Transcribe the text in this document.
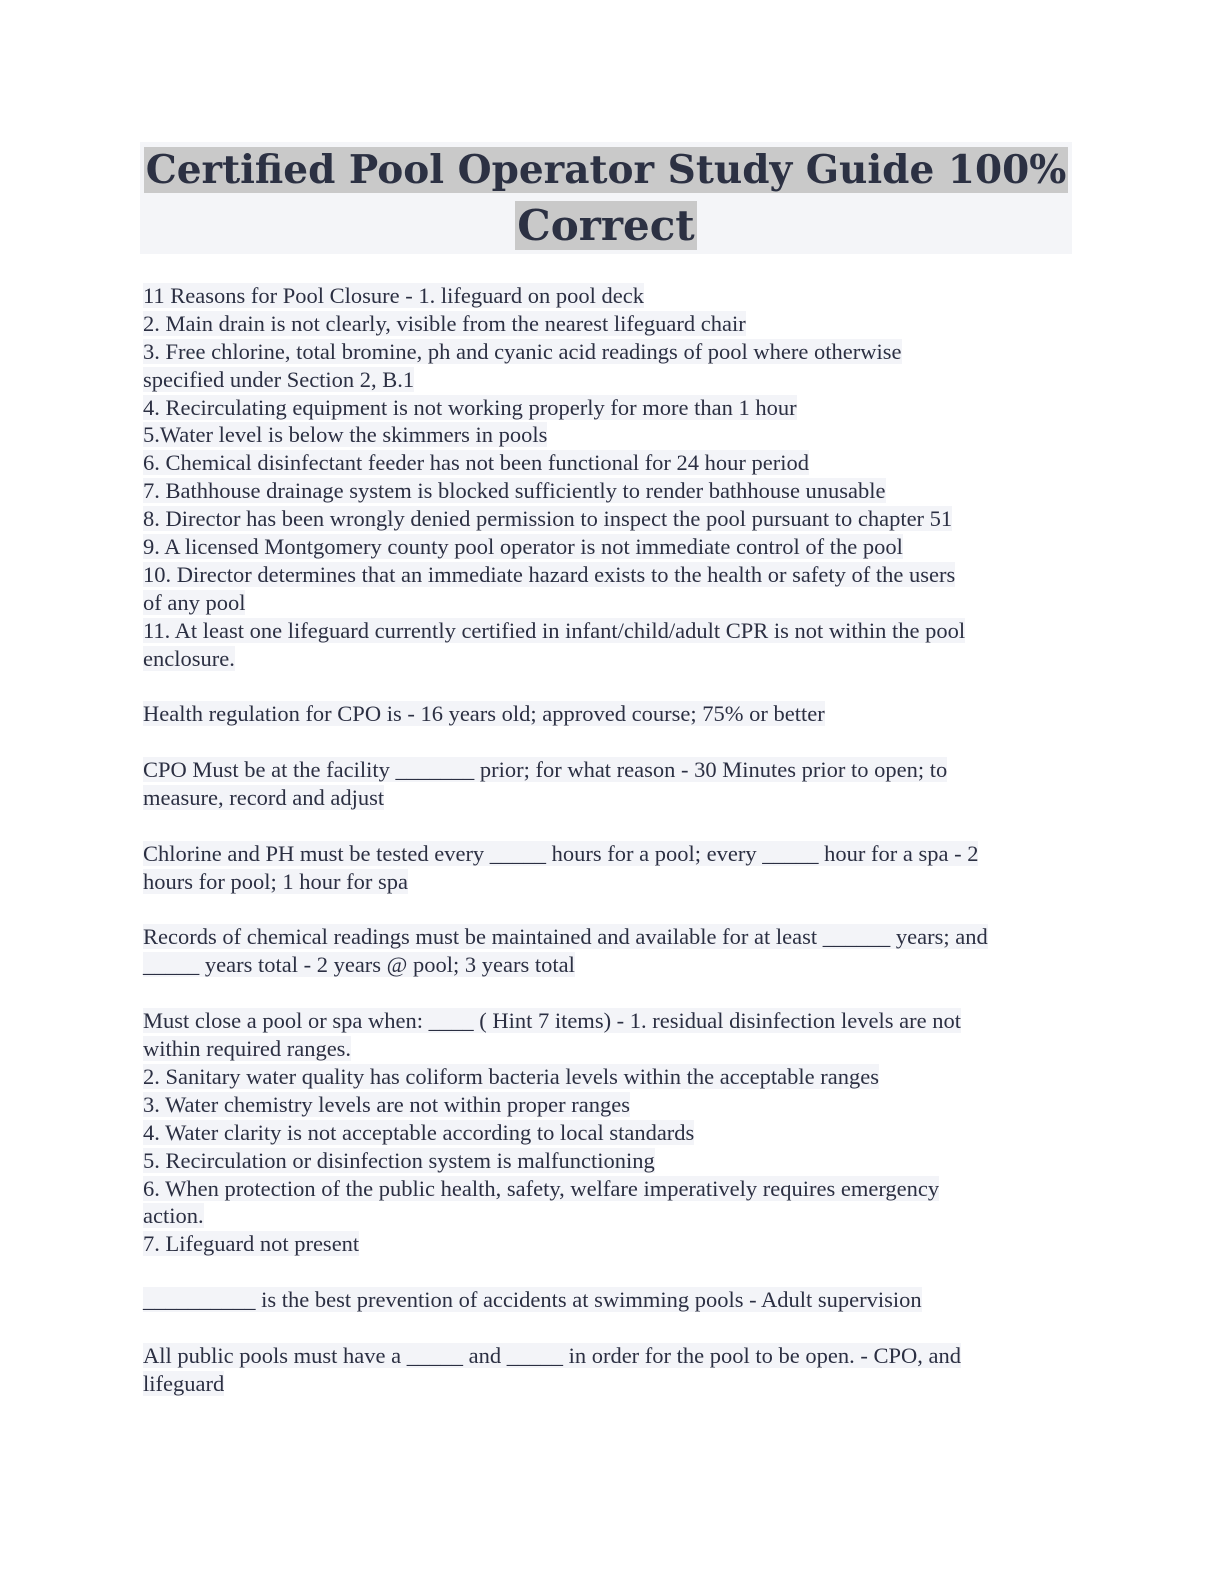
Certified Pool Operator Study Guide 100%
Correct
11 Reasons for Pool Closure - 1. lifeguard on pool deck
2. Main drain is not clearly, visible from the nearest lifeguard chair
3. Free chlorine, total bromine, ph and cyanic acid readings of pool where otherwise
specified under Section 2, B.1
4. Recirculating equipment is not working properly for more than 1 hour
5.Water level is below the skimmers in pools
6. Chemical disinfectant feeder has not been functional for 24 hour period
7. Bathhouse drainage system is blocked sufficiently to render bathhouse unusable
8. Director has been wrongly denied permission to inspect the pool pursuant to chapter 51
9. A licensed Montgomery county pool operator is not immediate control of the pool
10. Director determines that an immediate hazard exists to the health or safety of the users
of any pool
11. At least one lifeguard currently certified in infant/child/adult CPR is not within the pool
enclosure.
Health regulation for CPO is - 16 years old; approved course; 75% or better
CPO Must be at the facility _______ prior; for what reason - 30 Minutes prior to open; to
measure, record and adjust
Chlorine and PH must be tested every _____ hours for a pool; every _____ hour for a spa - 2
hours for pool; 1 hour for spa
Records of chemical readings must be maintained and available for at least ______ years; and
_____ years total - 2 years @ pool; 3 years total
Must close a pool or spa when: ____ ( Hint 7 items) - 1. residual disinfection levels are not
within required ranges.
2. Sanitary water quality has coliform bacteria levels within the acceptable ranges
3. Water chemistry levels are not within proper ranges
4. Water clarity is not acceptable according to local standards
5. Recirculation or disinfection system is malfunctioning
6. When protection of the public health, safety, welfare imperatively requires emergency
action.
7. Lifeguard not present
__________ is the best prevention of accidents at swimming pools - Adult supervision
All public pools must have a _____ and _____ in order for the pool to be open. - CPO, and
lifeguard
